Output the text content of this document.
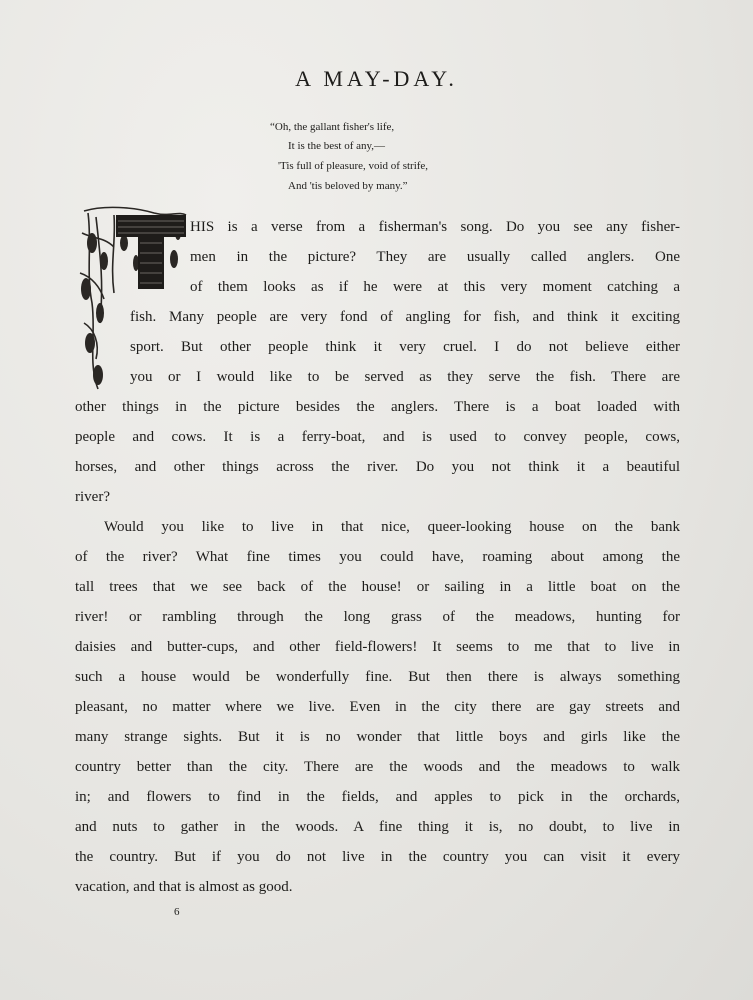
A MAY-DAY.
“Oh, the gallant fisher's life,
It is the best of any,—
'Tis full of pleasure, void of strife,
And 'tis beloved by many.”
HIS is a verse from a fisherman's song. Do you see any fisher-
men in the picture? They are usually called anglers. One
of them looks as if he were at this very moment catching a
fish. Many people are very fond of angling for fish, and think it exciting
sport. But other people think it very cruel. I do not believe either
you or I would like to be served as they serve the fish. There are
other things in the picture besides the anglers. There is a boat loaded with
people and cows. It is a ferry-boat, and is used to convey people, cows,
horses, and other things across the river. Do you not think it a beautiful
river?
Would you like to live in that nice, queer-looking house on the bank
of the river? What fine times you could have, roaming about among the
tall trees that we see back of the house! or sailing in a little boat on the
river! or rambling through the long grass of the meadows, hunting for
daisies and butter-cups, and other field-flowers! It seems to me that to live in
such a house would be wonderfully fine. But then there is always something
pleasant, no matter where we live. Even in the city there are gay streets and
many strange sights. But it is no wonder that little boys and girls like the
country better than the city. There are the woods and the meadows to walk
in; and flowers to find in the fields, and apples to pick in the orchards,
and nuts to gather in the woods. A fine thing it is, no doubt, to live in
the country. But if you do not live in the country you can visit it every
vacation, and that is almost as good.
6
